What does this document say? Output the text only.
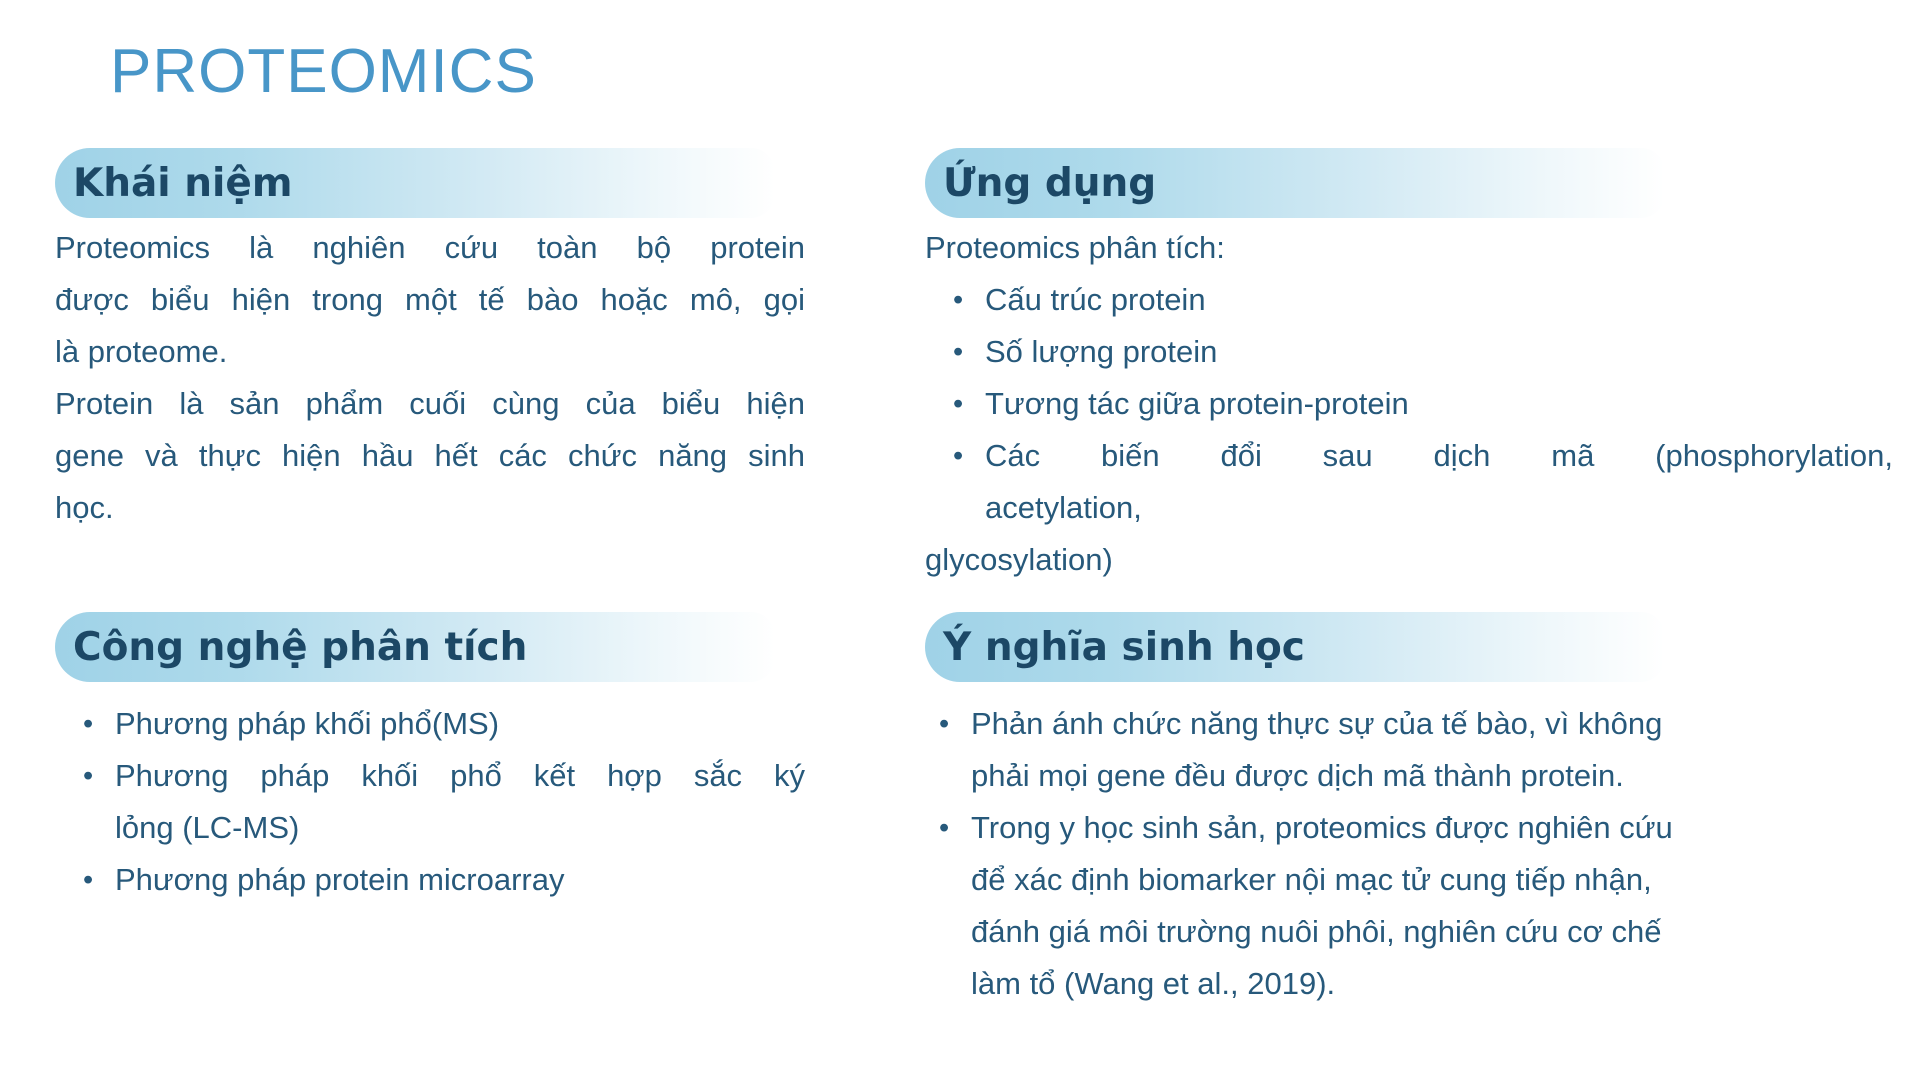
PROTEOMICS
Khái niệm
Proteomics là nghiên cứu toàn bộ protein
được biểu hiện trong một tế bào hoặc mô, gọi
là proteome.
Protein là sản phẩm cuối cùng của biểu hiện
gene và thực hiện hầu hết các chức năng sinh
học.
Ứng dụng
Proteomics phân tích:
• Cấu trúc protein
• Số lượng protein
• Tương tác giữa protein-protein
• Các biến đổi sau dịch mã (phosphorylation,
acetylation,
glycosylation)
Công nghệ phân tích
• Phương pháp khối phổ(MS)
• Phương pháp khối phổ kết hợp sắc ký
lỏng (LC-MS)
• Phương pháp protein microarray
Ý nghĩa sinh học
• Phản ánh chức năng thực sự của tế bào, vì không
phải mọi gene đều được dịch mã thành protein.
• Trong y học sinh sản, proteomics được nghiên cứu
để xác định biomarker nội mạc tử cung tiếp nhận,
đánh giá môi trường nuôi phôi, nghiên cứu cơ chế
làm tổ (Wang et al., 2019).
